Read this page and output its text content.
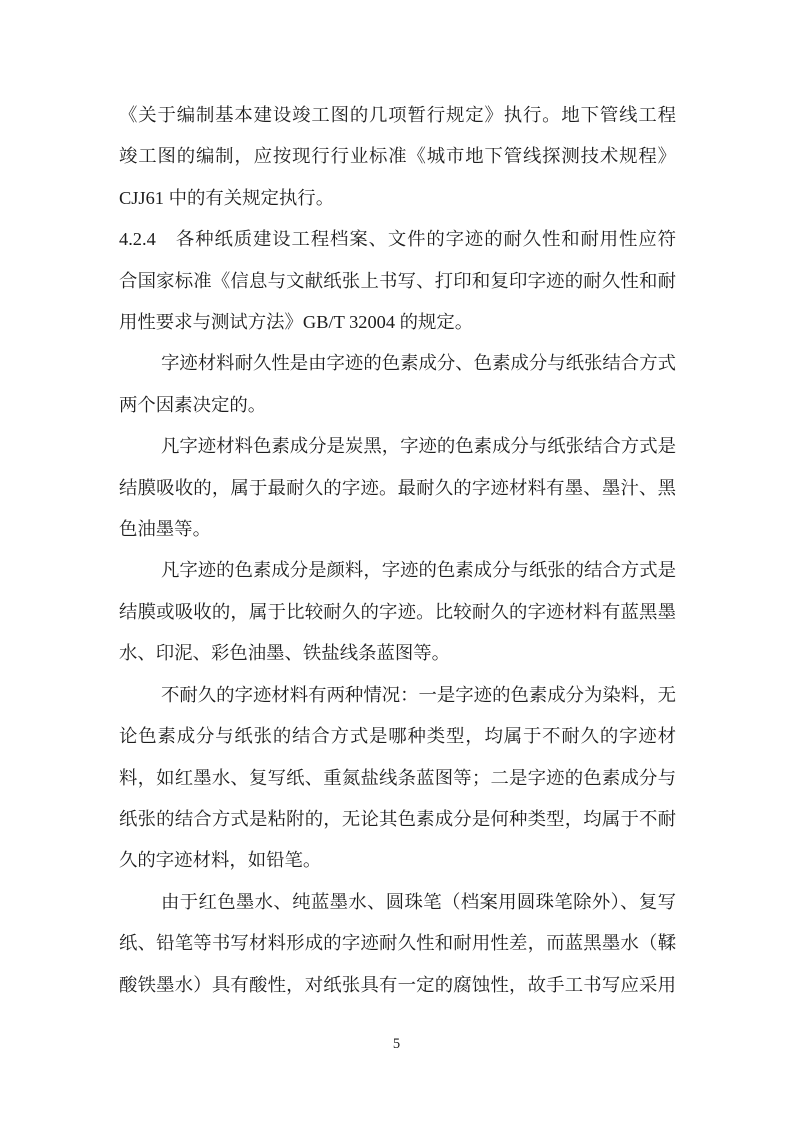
《关于编制基本建设竣工图的几项暂行规定》执行。地下管线工程
竣工图的编制，应按现行行业标准《城市地下管线探测技术规程》
CJJ61 中的有关规定执行。
4.2.4　各种纸质建设工程档案、文件的字迹的耐久性和耐用性应符
合国家标准《信息与文献纸张上书写、打印和复印字迹的耐久性和耐
用性要求与测试方法》GB/T 32004 的规定。
字迹材料耐久性是由字迹的色素成分、色素成分与纸张结合方式
两个因素决定的。
凡字迹材料色素成分是炭黑，字迹的色素成分与纸张结合方式是
结膜吸收的，属于最耐久的字迹。最耐久的字迹材料有墨、墨汁、黑
色油墨等。
凡字迹的色素成分是颜料，字迹的色素成分与纸张的结合方式是
结膜或吸收的，属于比较耐久的字迹。比较耐久的字迹材料有蓝黑墨
水、印泥、彩色油墨、铁盐线条蓝图等。
不耐久的字迹材料有两种情况：一是字迹的色素成分为染料，无
论色素成分与纸张的结合方式是哪种类型，均属于不耐久的字迹材
料，如红墨水、复写纸、重氮盐线条蓝图等；二是字迹的色素成分与
纸张的结合方式是粘附的，无论其色素成分是何种类型，均属于不耐
久的字迹材料，如铅笔。
由于红色墨水、纯蓝墨水、圆珠笔（档案用圆珠笔除外）、复写
纸、铅笔等书写材料形成的字迹耐久性和耐用性差，而蓝黑墨水（鞣
酸铁墨水）具有酸性，对纸张具有一定的腐蚀性，故手工书写应采用
5
